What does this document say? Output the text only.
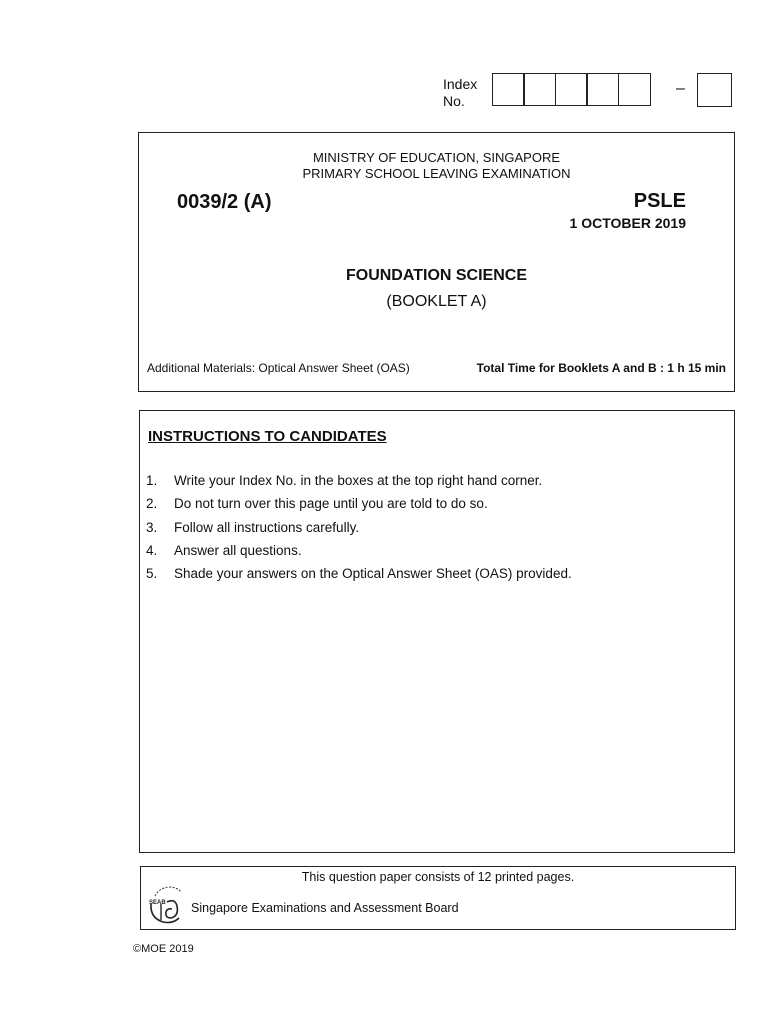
Index
No.
–
MINISTRY OF EDUCATION, SINGAPORE
PRIMARY SCHOOL LEAVING EXAMINATION
0039/2 (A)	PSLE
1 OCTOBER 2019
FOUNDATION SCIENCE
(BOOKLET A)
Additional Materials: Optical Answer Sheet (OAS)	Total Time for Booklets A and B : 1 h 15 min
INSTRUCTIONS TO CANDIDATES
1.	Write your Index No. in the boxes at the top right hand corner.
2.	Do not turn over this page until you are told to do so.
3.	Follow all instructions carefully.
4.	Answer all questions.
5.	Shade your answers on the Optical Answer Sheet (OAS) provided.
This question paper consists of 12 printed pages.
SEAB Singapore Examinations and Assessment Board
©MOE 2019
